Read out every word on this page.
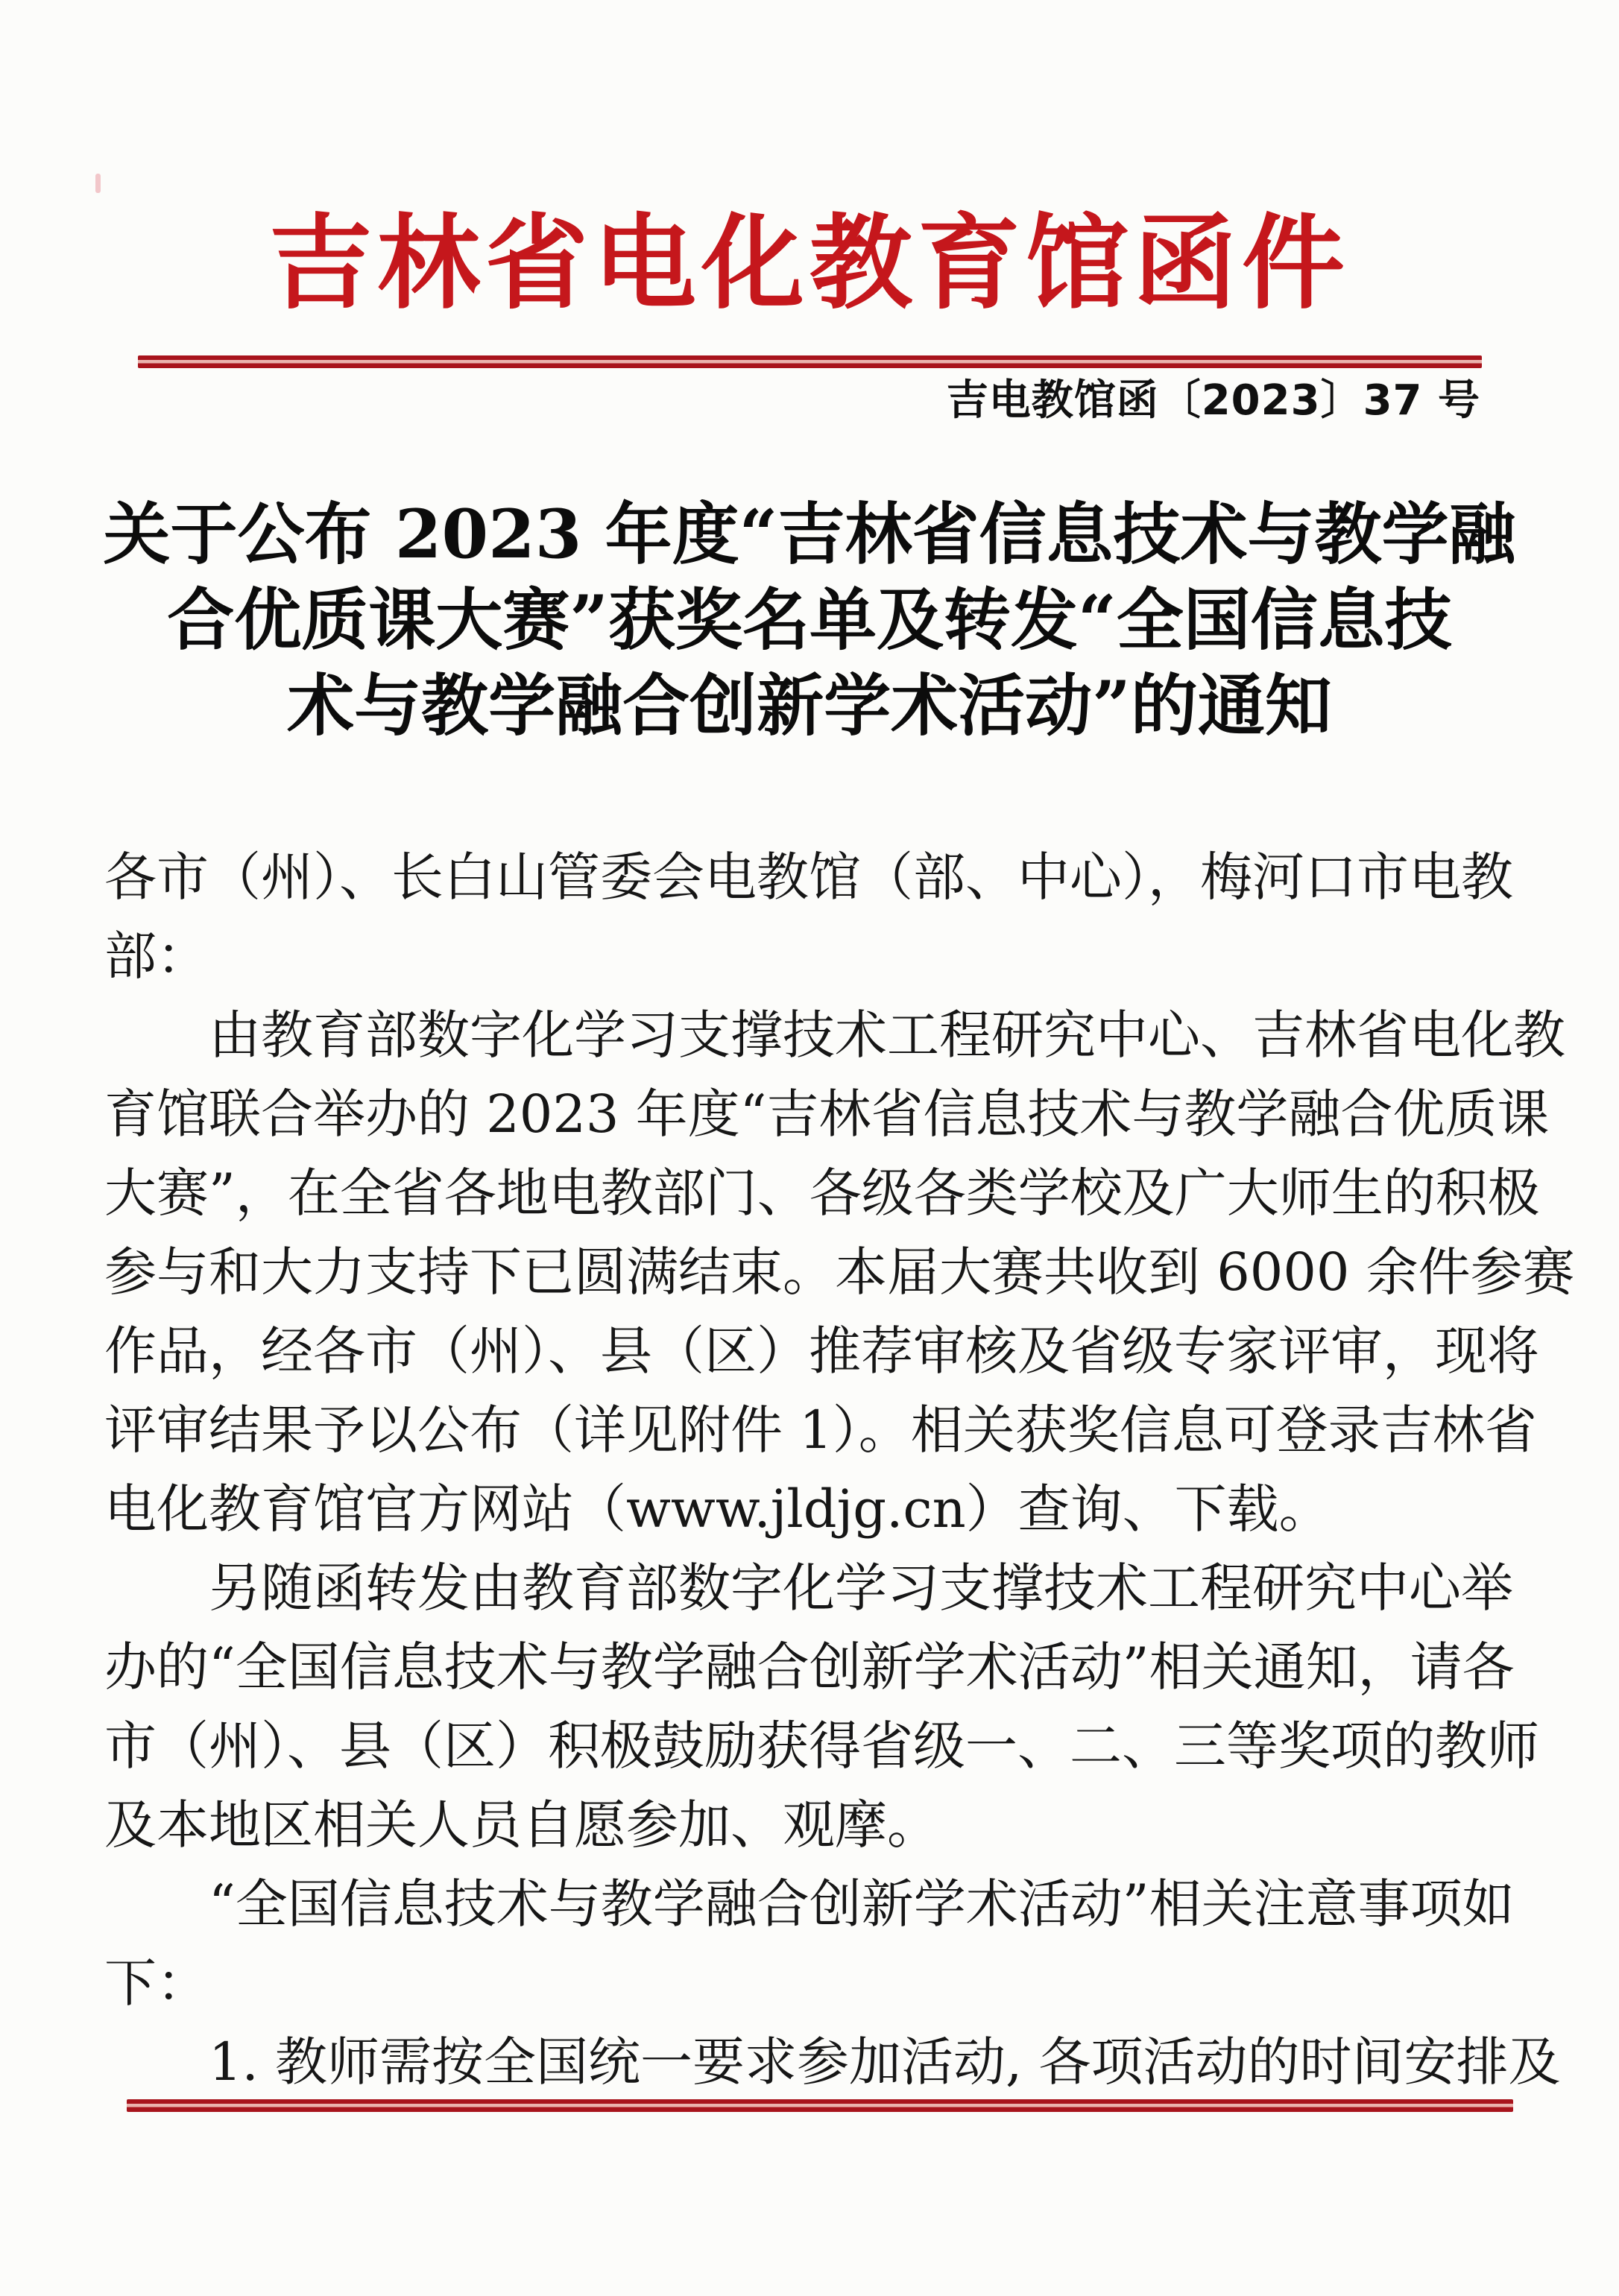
吉林省电化教育馆函件
吉电教馆函〔2023〕37 号
关于公布 2023 年度“吉林省信息技术与教学融
合优质课大赛”获奖名单及转发“全国信息技
术与教学融合创新学术活动”的通知
各市（州）、长白山管委会电教馆（部、中心），梅河口市电教
部：
由教育部数字化学习支撑技术工程研究中心、吉林省电化教
育馆联合举办的 2023 年度“吉林省信息技术与教学融合优质课
大赛”，在全省各地电教部门、各级各类学校及广大师生的积极
参与和大力支持下已圆满结束。本届大赛共收到 6000 余件参赛
作品，经各市（州）、县（区）推荐审核及省级专家评审，现将
评审结果予以公布（详见附件 1）。相关获奖信息可登录吉林省
电化教育馆官方网站（www.jldjg.cn）查询、下载。
另随函转发由教育部数字化学习支撑技术工程研究中心举
办的“全国信息技术与教学融合创新学术活动”相关通知，请各
市（州）、县（区）积极鼓励获得省级一、二、三等奖项的教师
及本地区相关人员自愿参加、观摩。
“全国信息技术与教学融合创新学术活动”相关注意事项如
下：
1. 教师需按全国统一要求参加活动, 各项活动的时间安排及
